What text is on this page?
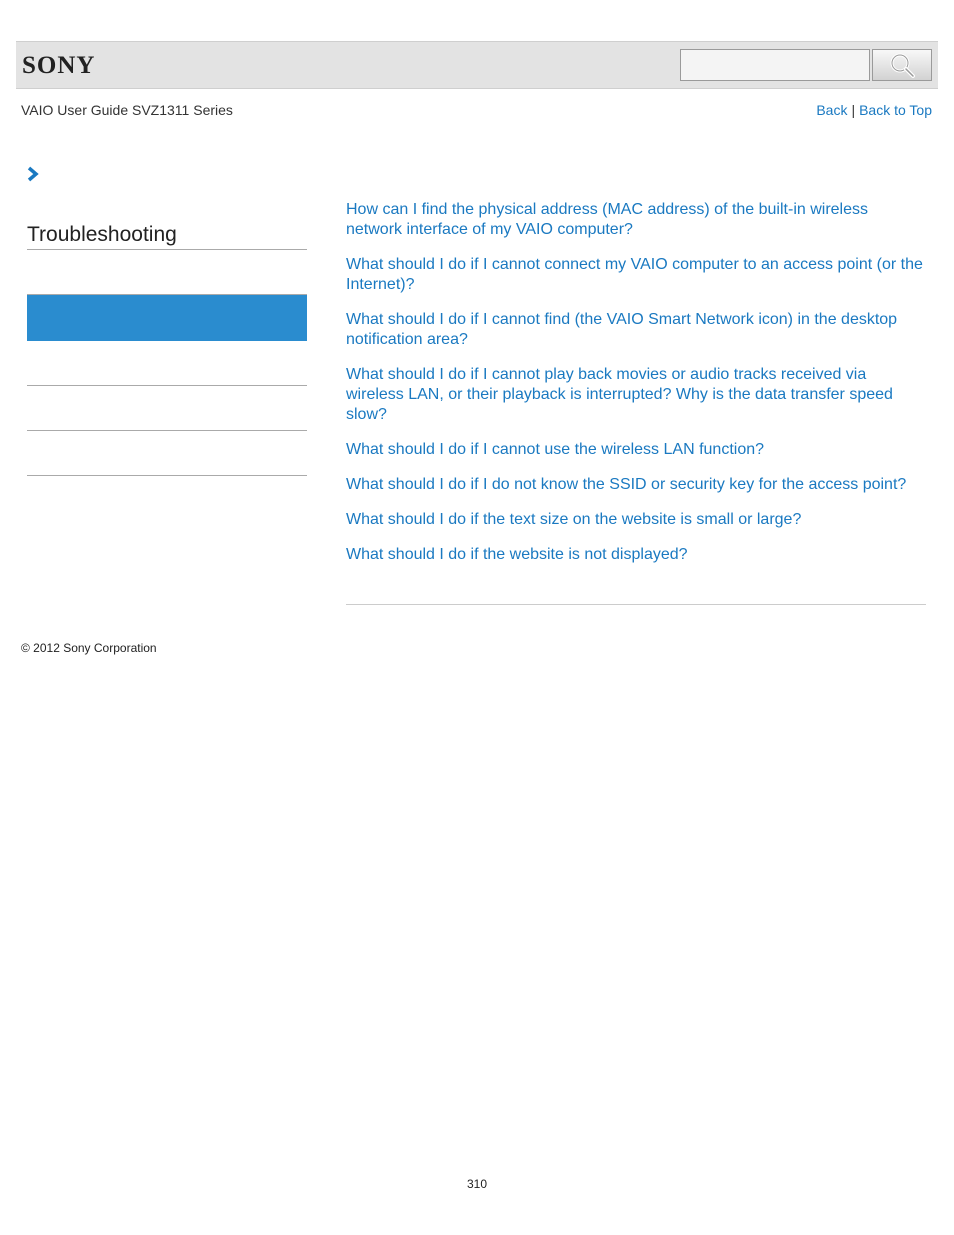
SONY
VAIO User Guide SVZ1311 Series	Back | Back to Top
Troubleshooting
How can I find the physical address (MAC address) of the built-in wireless network interface of my VAIO computer?
What should I do if I cannot connect my VAIO computer to an access point (or the Internet)?
What should I do if I cannot find (the VAIO Smart Network icon) in the desktop notification area?
What should I do if I cannot play back movies or audio tracks received via wireless LAN, or their playback is interrupted? Why is the data transfer speed slow?
What should I do if I cannot use the wireless LAN function?
What should I do if I do not know the SSID or security key for the access point?
What should I do if the text size on the website is small or large?
What should I do if the website is not displayed?
© 2012 Sony Corporation
310
